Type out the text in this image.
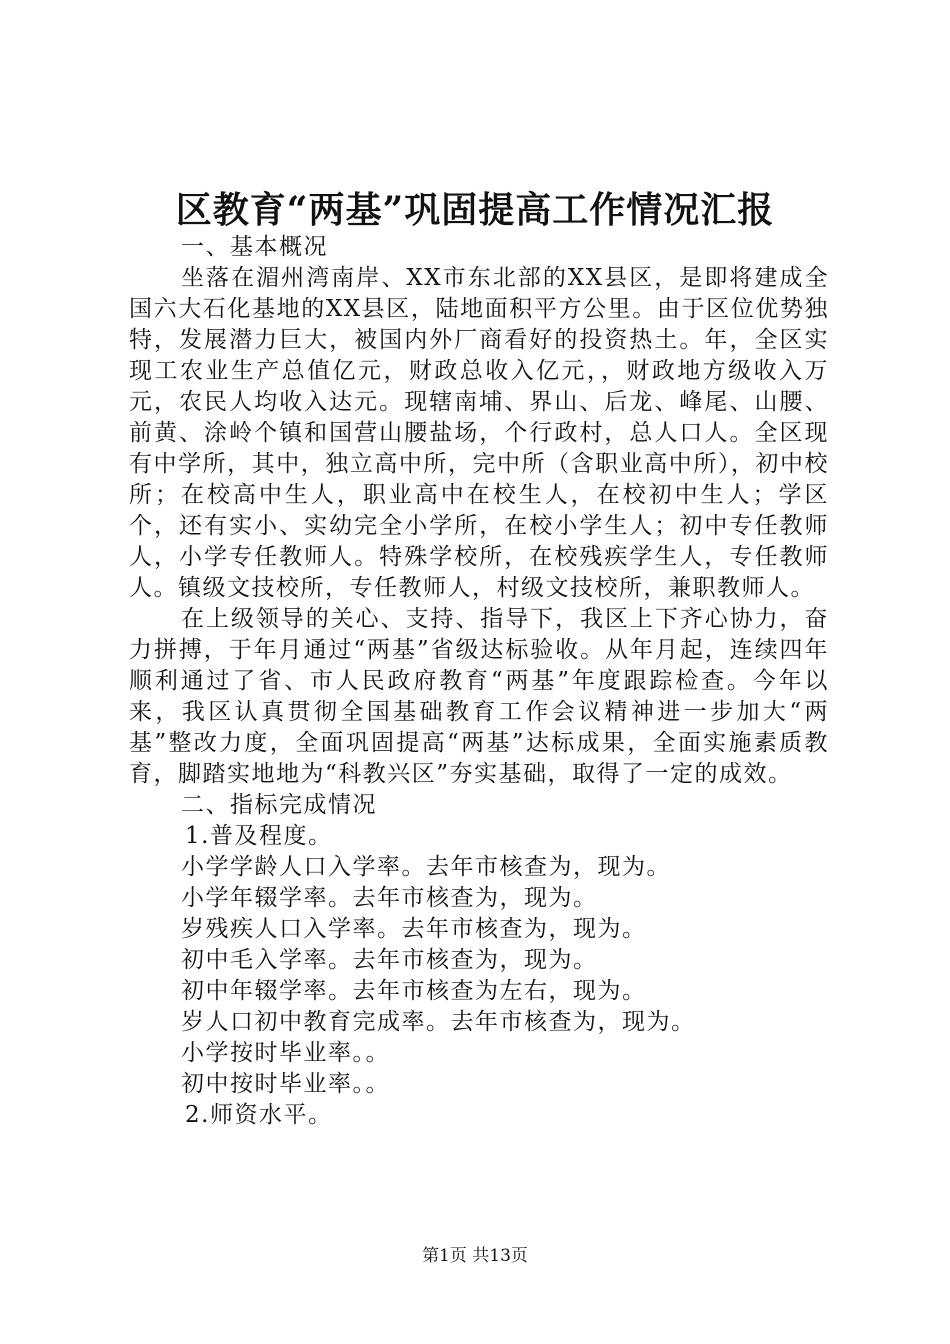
区教育“两基”巩固提高工作情况汇报

一、基本概况

坐落在湄州湾南岸、XX市东北部的XX县区，是即将建成全国六大石化基地的XX县区，陆地面积平方公里。由于区位优势独特，发展潜力巨大，被国内外厂商看好的投资热土。年，全区实现工农业生产总值亿元，财政总收入亿元，，财政地方级收入万元，农民人均收入达元。现辖南埔、界山、后龙、峰尾、山腰、前黄、涂岭个镇和国营山腰盐场，个行政村，总人口人。全区现有中学所，其中，独立高中所，完中所（含职业高中所），初中校所；在校高中生人，职业高中在校生人，在校初中生人；学区个，还有实小、实幼完全小学所，在校小学生人；初中专任教师人，小学专任教师人。特殊学校所，在校残疾学生人，专任教师人。镇级文技校所，专任教师人，村级文技校所，兼职教师人。

在上级领导的关心、支持、指导下，我区上下齐心协力，奋力拼搏，于年月通过“两基”省级达标验收。从年月起，连续四年顺利通过了省、市人民政府教育“两基”年度跟踪检查。今年以来，我区认真贯彻全国基础教育工作会议精神进一步加大“两基”整改力度，全面巩固提高“两基”达标成果，全面实施素质教育，脚踏实地地为“科教兴区”夯实基础，取得了一定的成效。

二、指标完成情况

1.普及程度。

小学学龄人口入学率。去年市核查为，现为。

小学年辍学率。去年市核查为，现为。

岁残疾人口入学率。去年市核查为，现为。

初中毛入学率。去年市核查为，现为。

初中年辍学率。去年市核查为左右，现为。

岁人口初中教育完成率。去年市核查为，现为。

小学按时毕业率。。

初中按时毕业率。。

2.师资水平。

第1页 共13页
